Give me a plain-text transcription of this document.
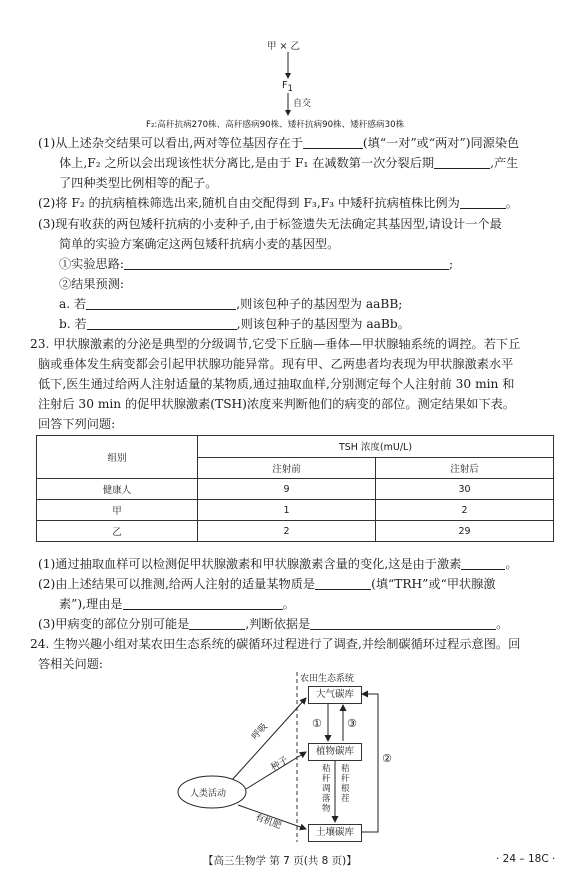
甲 × 乙
$F_1$
自交
F₂:高秆抗病270株、高秆感病90株、矮秆抗病90株、矮秆感病30株
(1)从上述杂交结果可以看出,两对等位基因存在于	(填“一对”或“两对”)同源染色
体上,F₂ 之所以会出现该性状分离比,是由于 F₁ 在减数第一次分裂后期	,产生
了四种类型比例相等的配子。
(2)将 F₂ 的抗病植株筛选出来,随机自由交配得到 F₃,F₃ 中矮秆抗病植株比例为	。
(3)现有收获的两包矮秆抗病的小麦种子,由于标签遗失无法确定其基因型,请设计一个最
简单的实验方案确定这两包矮秆抗病小麦的基因型。
①实验思路:	;
②结果预测:
a. 若	,则该包种子的基因型为 aaBB;
b. 若	,则该包种子的基因型为 aaBb。
23. 甲状腺激素的分泌是典型的分级调节,它受下丘脑—垂体—甲状腺轴系统的调控。若下丘
脑或垂体发生病变都会引起甲状腺功能异常。现有甲、乙两患者均表现为甲状腺激素水平
低下,医生通过给两人注射适量的某物质,通过抽取血样,分别测定每个人注射前 30 min 和
注射后 30 min 的促甲状腺激素(TSH)浓度来判断他们的病变的部位。测定结果如下表。
回答下列问题:
组别	TSH 浓度(mU/L)	
	注射前	注射后
健康人	9	30
甲	1	2
乙	2	29
(1)通过抽取血样可以检测促甲状腺激素和甲状腺激素含量的变化,这是由于激素	。
(2)由上述结果可以推测,给两人注射的适量某物质是	(填“TRH”或“甲状腺激
素”),理由是	。
(3)甲病变的部位分别可能是	,判断依据是	。
24. 生物兴趣小组对某农田生态系统的碳循环过程进行了调查,并绘制碳循环过程示意图。回
答相关问题:
农田生态系统
大气碳库
植物碳库
土壤碳库
人类活动
① ③
②
秸
秆
凋
落
物
秸
秆
根
茬
呼吸
种子
有机肥
【高三生物学 第 7 页(共 8 页)】	· 24 – 18C ·
